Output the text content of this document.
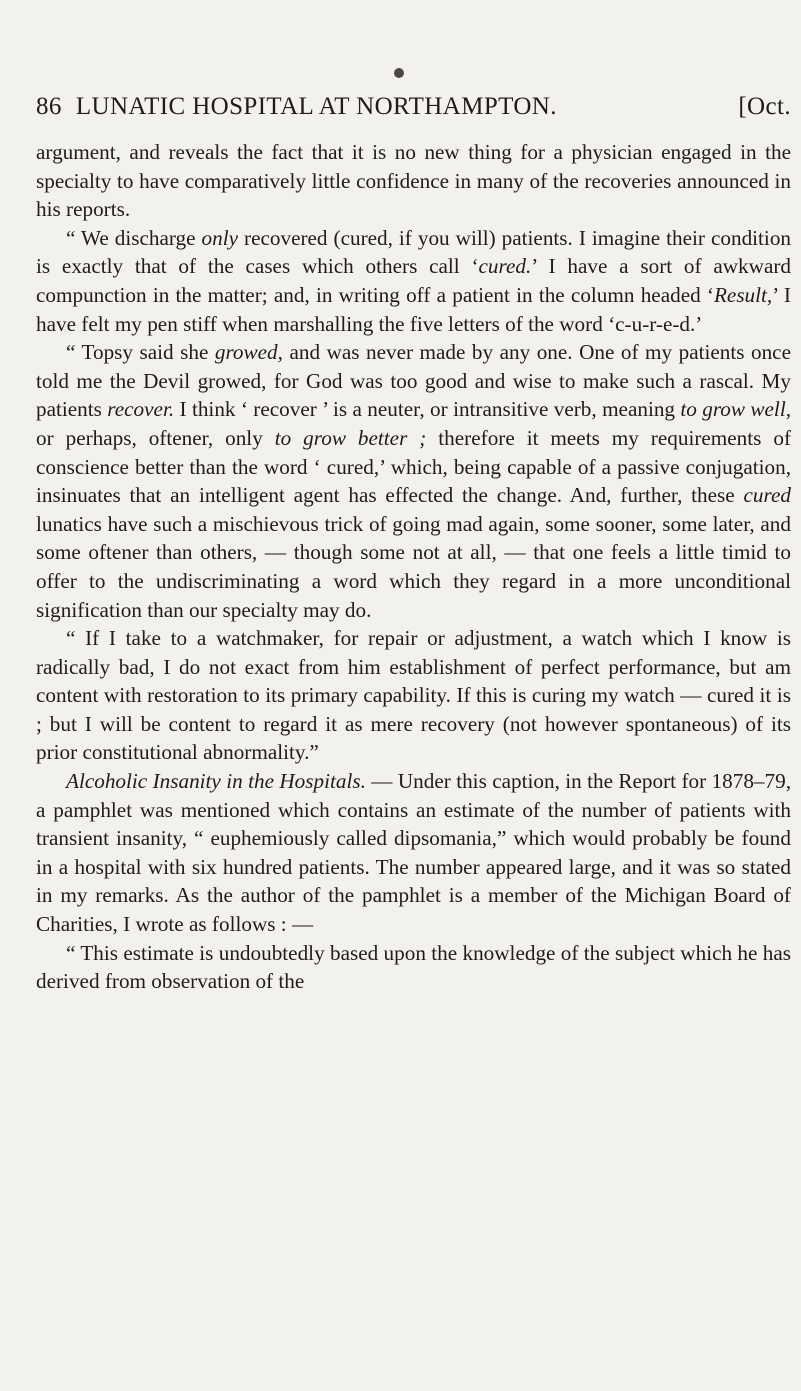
86 LUNATIC HOSPITAL AT NORTHAMPTON.	[Oct.

argument, and reveals the fact that it is no new thing for a physician engaged in the specialty to have comparatively little confidence in many of the recoveries announced in his reports.

“ We discharge only recovered (cured, if you will) patients. I imagine their condition is exactly that of the cases which others call ‘cured.’ I have a sort of awkward compunction in the matter; and, in writing off a patient in the column headed ‘Result,’ I have felt my pen stiff when marshalling the five letters of the word ‘c-u-r-e-d.’

“ Topsy said she growed, and was never made by any one. One of my patients once told me the Devil growed, for God was too good and wise to make such a rascal. My patients recover. I think ‘ recover ’ is a neuter, or intransitive verb, meaning to grow well, or perhaps, oftener, only to grow better ; therefore it meets my requirements of conscience better than the word ‘ cured,’ which, being capable of a passive conjugation, insinuates that an intelligent agent has effected the change. And, further, these cured lunatics have such a mischievous trick of going mad again, some sooner, some later, and some oftener than others, — though some not at all, — that one feels a little timid to offer to the undiscriminating a word which they regard in a more unconditional signification than our specialty may do.

“ If I take to a watchmaker, for repair or adjustment, a watch which I know is radically bad, I do not exact from him establishment of perfect performance, but am content with restoration to its primary capability. If this is curing my watch — cured it is ; but I will be content to regard it as mere recovery (not however spontaneous) of its prior constitutional abnormality.”

Alcoholic Insanity in the Hospitals. — Under this caption, in the Report for 1878–79, a pamphlet was mentioned which contains an estimate of the number of patients with transient insanity, “ euphemiously called dipsomania,” which would probably be found in a hospital with six hundred patients. The number appeared large, and it was so stated in my remarks. As the author of the pamphlet is a member of the Michigan Board of Charities, I wrote as follows : —

“ This estimate is undoubtedly based upon the knowledge of the subject which he has derived from observation of the
